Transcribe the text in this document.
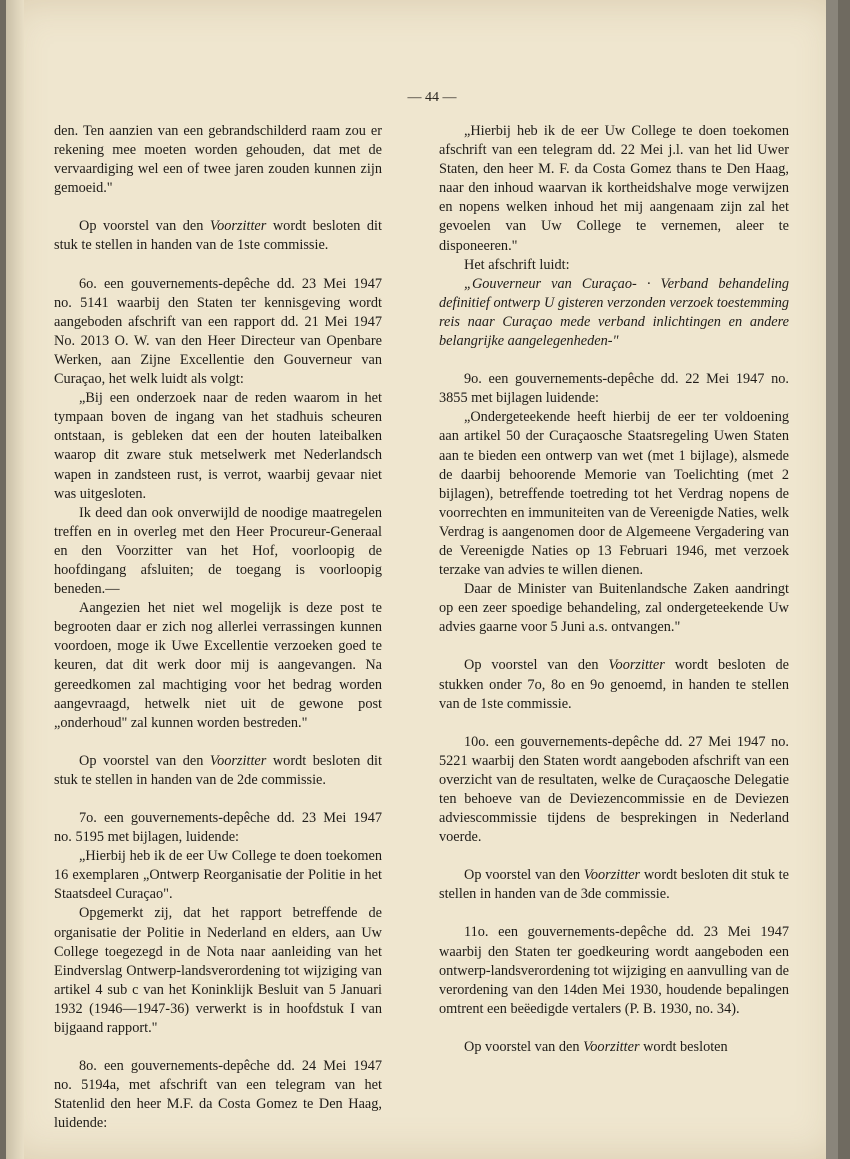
— 44 —

den. Ten aanzien van een gebrandschilderd raam zou er rekening mee moeten worden gehouden, dat met de vervaardiging wel een of twee jaren zouden kunnen zijn gemoeid."

Op voorstel van den Voorzitter wordt besloten dit stuk te stellen in handen van de 1ste commissie.

6o. een gouvernements-depêche dd. 23 Mei 1947 no. 5141 waarbij den Staten ter kennisgeving wordt aangeboden afschrift van een rapport dd. 21 Mei 1947 No. 2013 O. W. van den Heer Directeur van Openbare Werken, aan Zijne Excellentie den Gouverneur van Curaçao, het welk luidt als volgt:

„Bij een onderzoek naar de reden waarom in het tympaan boven de ingang van het stadhuis scheuren ontstaan, is gebleken dat een der houten lateibalken waarop dit zware stuk metselwerk met Nederlandsch wapen in zandsteen rust, is verrot, waarbij gevaar niet was uitgesloten.

Ik deed dan ook onverwijld de noodige maatregelen treffen en in overleg met den Heer Procureur-Generaal en den Voorzitter van het Hof, voorloopig de hoofdingang afsluiten; de toegang is voorloopig beneden.—

Aangezien het niet wel mogelijk is deze post te begrooten daar er zich nog allerlei verrassingen kunnen voordoen, moge ik Uwe Excellentie verzoeken goed te keuren, dat dit werk door mij is aangevangen. Na gereedkomen zal machtiging voor het bedrag worden aangevraagd, hetwelk niet uit de gewone post „onderhoud" zal kunnen worden bestreden."

Op voorstel van den Voorzitter wordt besloten dit stuk te stellen in handen van de 2de commissie.

7o. een gouvernements-depêche dd. 23 Mei 1947 no. 5195 met bijlagen, luidende:

„Hierbij heb ik de eer Uw College te doen toekomen 16 exemplaren „Ontwerp Reorganisatie der Politie in het Staatsdeel Curaçao".

Opgemerkt zij, dat het rapport betreffende de organisatie der Politie in Nederland en elders, aan Uw College toegezegd in de Nota naar aanleiding van het Eindverslag Ontwerp-landsverordening tot wijziging van artikel 4 sub c van het Koninklijk Besluit van 5 Januari 1932 (1946—1947-36) verwerkt is in hoofdstuk I van bijgaand rapport."

8o. een gouvernements-depêche dd. 24 Mei 1947 no. 5194a, met afschrift van een telegram van het Statenlid den heer M.F. da Costa Gomez te Den Haag, luidende:

„Hierbij heb ik de eer Uw College te doen toekomen afschrift van een telegram dd. 22 Mei j.l. van het lid Uwer Staten, den heer M. F. da Costa Gomez thans te Den Haag, naar den inhoud waarvan ik kortheidshalve moge verwijzen en nopens welken inhoud het mij aangenaam zijn zal het gevoelen van Uw College te vernemen, aleer te disponeeren."

Het afschrift luidt:

„Gouverneur van Curaçao- · Verband behandeling definitief ontwerp U gisteren verzonden verzoek toestemming reis naar Curaçao mede verband inlichtingen en andere belangrijke aangelegenheden-"

9o. een gouvernements-depêche dd. 22 Mei 1947 no. 3855 met bijlagen luidende:

„Ondergeteekende heeft hierbij de eer ter voldoening aan artikel 50 der Curaçaosche Staatsregeling Uwen Staten aan te bieden een ontwerp van wet (met 1 bijlage), alsmede de daarbij behoorende Memorie van Toelichting (met 2 bijlagen), betreffende toetreding tot het Verdrag nopens de voorrechten en immuniteiten van de Vereenigde Naties, welk Verdrag is aangenomen door de Algemeene Vergadering van de Vereenigde Naties op 13 Februari 1946, met verzoek terzake van advies te willen dienen.

Daar de Minister van Buitenlandsche Zaken aandringt op een zeer spoedige behandeling, zal ondergeteekende Uw advies gaarne voor 5 Juni a.s. ontvangen."

Op voorstel van den Voorzitter wordt besloten de stukken onder 7o, 8o en 9o genoemd, in handen te stellen van de 1ste commissie.

10o. een gouvernements-depêche dd. 27 Mei 1947 no. 5221 waarbij den Staten wordt aangeboden afschrift van een overzicht van de resultaten, welke de Curaçaosche Delegatie ten behoeve van de Deviezencommissie en de Deviezen adviescommissie tijdens de besprekingen in Nederland voerde.

Op voorstel van den Voorzitter wordt besloten dit stuk te stellen in handen van de 3de commissie.

11o. een gouvernements-depêche dd. 23 Mei 1947 waarbij den Staten ter goedkeuring wordt aangeboden een ontwerp-landsverordening tot wijziging en aanvulling van de verordening van den 14den Mei 1930, houdende bepalingen omtrent een beëedigde vertalers (P. B. 1930, no. 34).

Op voorstel van den Voorzitter wordt besloten
